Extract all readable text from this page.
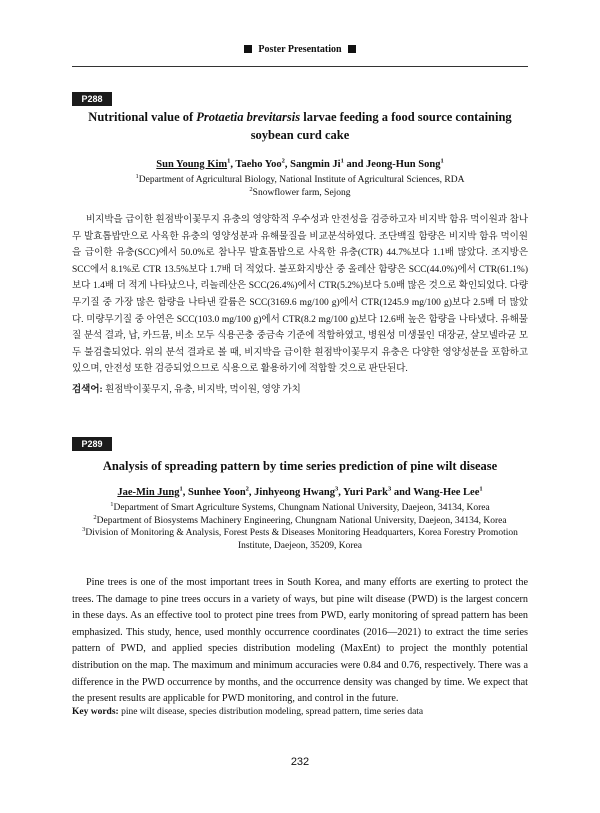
Poster Presentation
P288
Nutritional value of Protaetia brevitarsis larvae feeding a food source containing soybean curd cake
Sun Young Kim$^1$, Taeho Yoo$^2$, Sangmin Ji$^1$ and Jeong-Hun Song$^1$
$^1$Department of Agricultural Biology, National Institute of Agricultural Sciences, RDA
$^2$Snowflower farm, Sejong

비지박을 급이한 흰점박이꽃무지 유충의 영양학적 우수성과 안전성을 검증하고자 비지박 함유 먹이원과 참나무 발효톱밥만으로 사육한 유충의 영양성분과 유해물질을 비교분석하였다. 조단백질 함량은 비지박 함유 먹이원을 급이한 유충(SCC)에서 50.0%로 참나무 발효톱밥으로 사육한 유충(CTR) 44.7%보다 1.1배 많았다. 조지방은 SCC에서 8.1%로 CTR 13.5%보다 1.7배 더 적었다. 불포화지방산 중 올레산 함량은 SCC(44.0%)에서 CTR(61.1%)보다 1.4배 더 적게 나타났으나, 리놀레산은 SCC(26.4%)에서 CTR(5.2%)보다 5.0배 많은 것으로 확인되었다. 다량무기질 중 가장 많은 함량을 나타낸 칼륨은 SCC(3169.6 mg/100 g)에서 CTR(1245.9 mg/100 g)보다 2.5배 더 많았다. 미량무기질 중 아연은 SCC(103.0 mg/100 g)에서 CTR(8.2 mg/100 g)보다 12.6배 높은 함량을 나타냈다. 유해물질 분석 결과, 납, 카드뮴, 비소 모두 식용곤충 중금속 기준에 적합하였고, 병원성 미생물인 대장균, 살모넬라균 모두 불검출되었다. 위의 분석 결과로 볼 때, 비지박을 급이한 흰점박이꽃무지 유충은 다양한 영양성분을 포함하고 있으며, 안전성 또한 검증되었으므로 식용으로 활용하기에 적합할 것으로 판단된다.

검색어: 흰점박이꽃무지, 유충, 비지박, 먹이원, 영양 가치
P289
Analysis of spreading pattern by time series prediction of pine wilt disease
Jae-Min Jung$^1$, Sunhee Yoon$^2$, Jinhyeong Hwang$^3$, Yuri Park$^3$ and Wang-Hee Lee$^1$
$^1$Department of Smart Agriculture Systems, Chungnam National University, Daejeon, 34134, Korea
$^2$Department of Biosystems Machinery Engineering, Chungnam National University, Daejeon, 34134, Korea
$^3$Division of Monitoring & Analysis, Forest Pests & Diseases Monitoring Headquarters, Korea Forestry Promotion Institute, Daejeon, 35209, Korea

Pine trees is one of the most important trees in South Korea, and many efforts are exerting to protect the trees. The damage to pine trees occurs in a variety of ways, but pine wilt disease (PWD) is the largest concern in these days. As an effective tool to protect pine trees from PWD, early monitoring of spread pattern has been emphasized. This study, hence, used monthly occurrence coordinates (2016―2021) to extract the time series pattern of PWD, and applied species distribution modeling (MaxEnt) to project the monthly potential distribution on the map. The maximum and minimum accuracies were 0.84 and 0.76, respectively. There was a difference in the PWD occurrence by months, and the occurrence density was changed by time. We expect that the present results are applicable for PWD monitoring, and control in the future.

Key words: pine wilt disease, species distribution modeling, spread pattern, time series data
232
